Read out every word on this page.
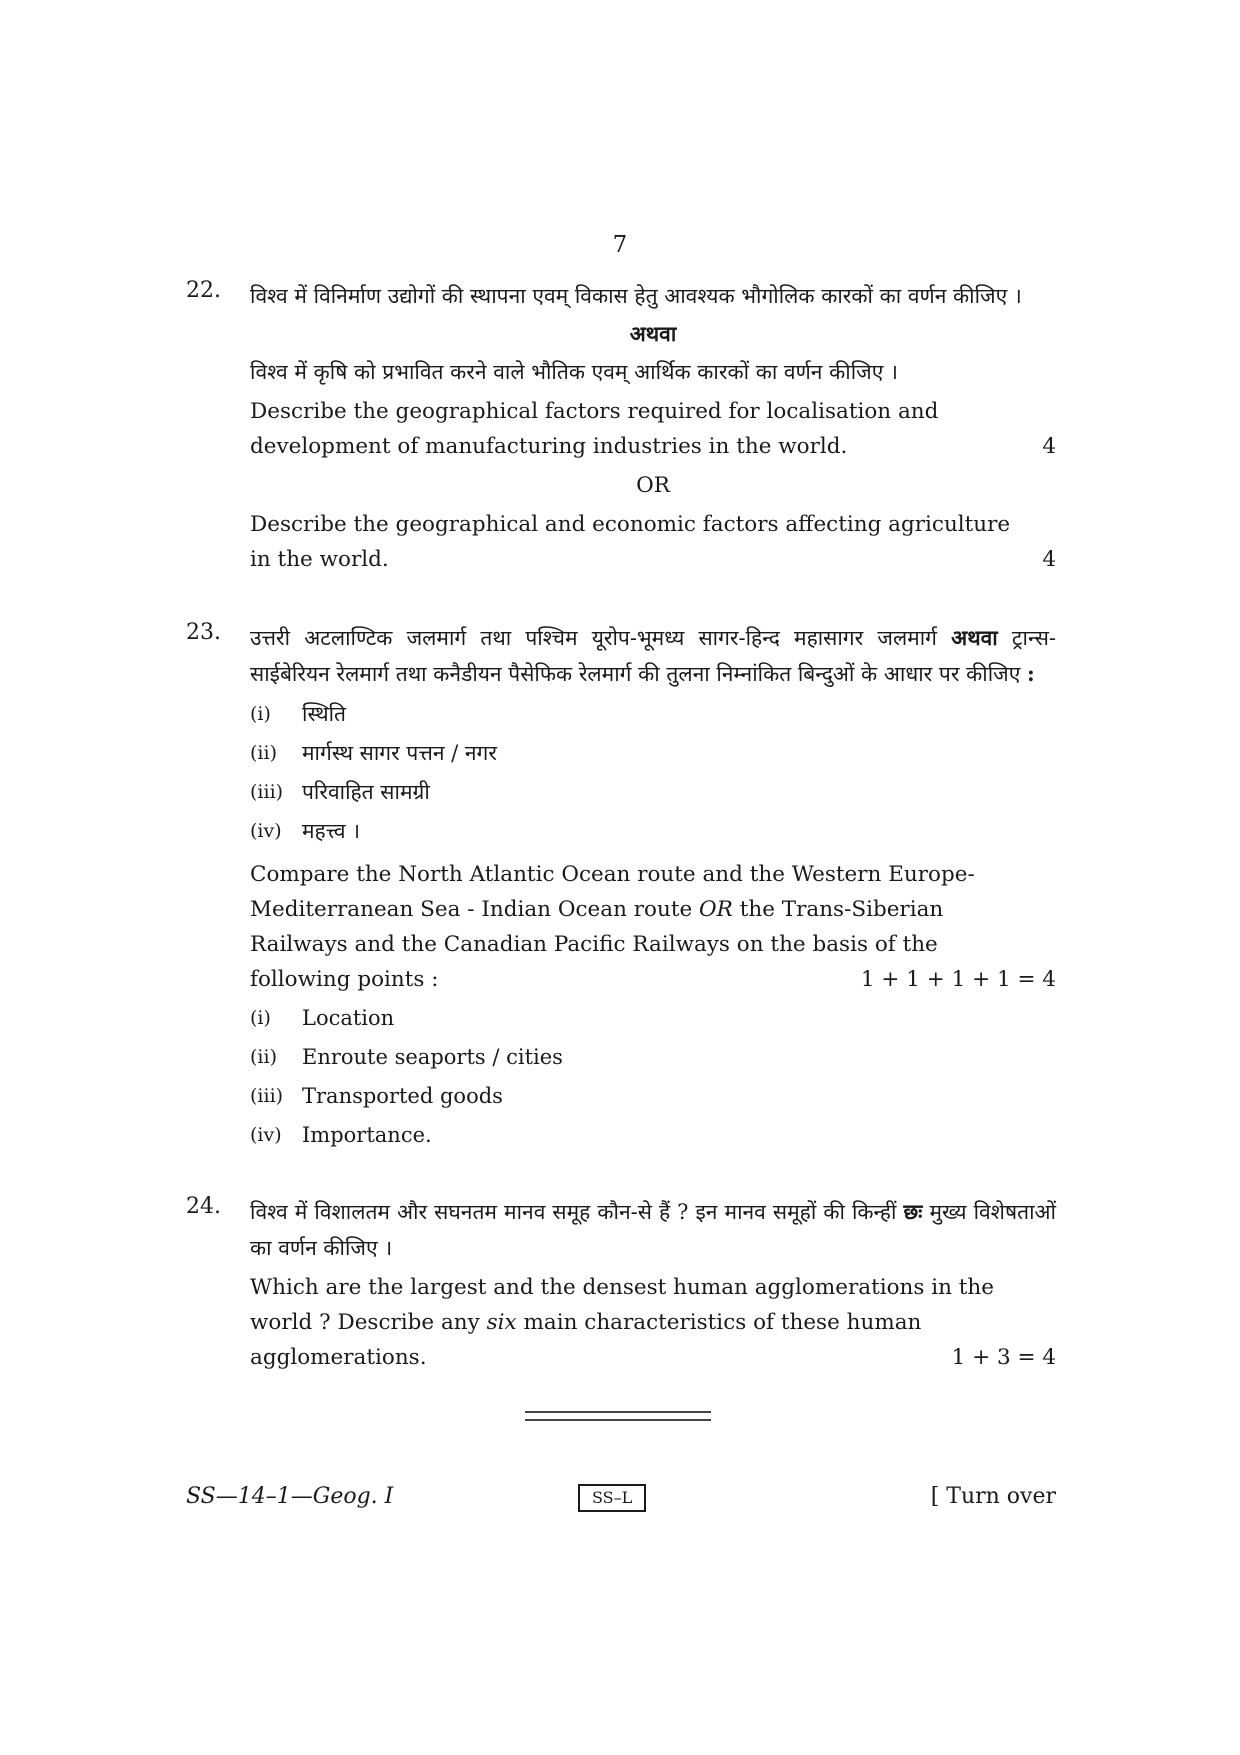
7
22. विश्व में विनिर्माण उद्योगों की स्थापना एवम् विकास हेतु आवश्यक भौगोलिक कारकों का वर्णन कीजिए ।

अथवा

विश्व में कृषि को प्रभावित करने वाले भौतिक एवम् आर्थिक कारकों का वर्णन कीजिए ।

Describe the geographical factors required for localisation and

development of manufacturing industries in the world.	4

OR

Describe the geographical and economic factors affecting agriculture

in the world.	4
23. उत्तरी अटलाण्टिक जलमार्ग तथा पश्चिम यूरोप-भूमध्य सागर-हिन्द महासागर जलमार्ग अथवा ट्रान्स-साईबेरियन रेलमार्ग तथा कनैडीयन पैसेफिक रेलमार्ग की तुलना निम्नांकित बिन्दुओं के आधार पर कीजिए :

(i)	स्थिति
(ii)	मार्गस्थ सागर पत्तन / नगर
(iii) परिवाहित सामग्री
(iv) महत्त्व ।

Compare the North Atlantic Ocean route and the Western Europe-

Mediterranean Sea - Indian Ocean route OR the Trans-Siberian

Railways and the Canadian Pacific Railways on the basis of the

following points :	1 + 1 + 1 + 1 = 4
(i)	Location
(ii)	Enroute seaports / cities
(iii) Transported goods
(iv) Importance.
24. विश्व में विशालतम और सघनतम मानव समूह कौन-से हैं ? इन मानव समूहों की किन्हीं छः मुख्य विशेषताओं का वर्णन कीजिए ।

Which are the largest and the densest human agglomerations in the

world ? Describe any six main characteristics of these human

agglomerations.	1 + 3 = 4
SS—14–1—Geog. I	SS–L	[ Turn over
